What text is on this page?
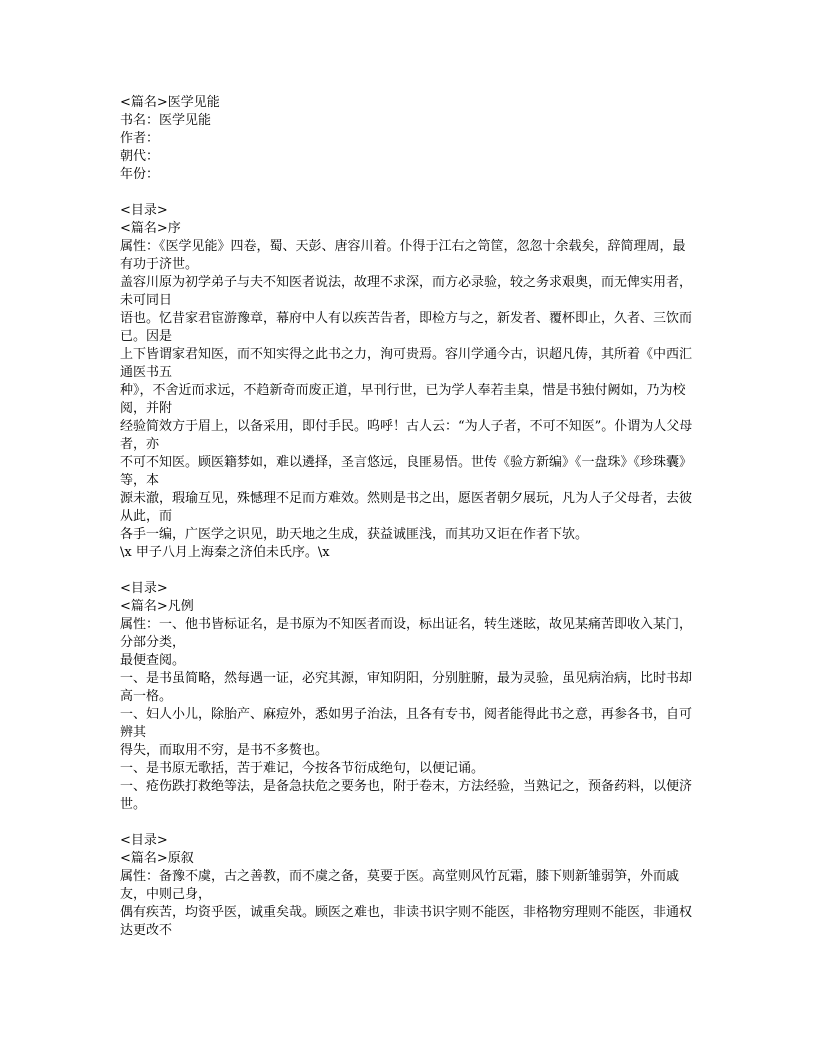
<篇名>医学见能

书名：医学见能

作者：

朝代：

年份：

<目录>

<篇名>序

属性：《医学见能》四卷，蜀、天彭、唐容川着。仆得于江右之笥筐，忽忽十余载矣，辞简理周，最有功于济世。

盖容川原为初学弟子与夫不知医者说法，故理不求深，而方必录验，较之务求艰奥，而无俾实用者，未可同日

语也。忆昔家君宦游豫章，幕府中人有以疾苦告者，即检方与之，新发者、覆杯即止，久者、三饮而已。因是

上下皆谓家君知医，而不知实得之此书之力，洵可贵焉。容川学通今古，识超凡俦，其所着《中西汇通医书五

种》，不舍近而求远，不趋新奇而废正道，早刊行世，已为学人奉若圭臬，惜是书独付阙如，乃为校阅，并附

经验简效方于眉上，以备采用，即付手民。呜呼！古人云：“为人子者，不可不知医”。仆谓为人父母者，亦

不可不知医。顾医籍棼如，难以遴择，圣言悠远，良匪易悟。世传《验方新编》《一盘珠》《珍珠囊》等，本

源未澈，瑕瑜互见，殊憾理不足而方难效。然则是书之出，愿医者朝夕展玩，凡为人子父母者，去彼从此，而

各手一编，广医学之识见，助天地之生成，获益诚匪浅，而其功又讵在作者下欤。

\x 甲子八月上海秦之济伯未氏序。\x

<目录>

<篇名>凡例

属性：一、他书皆标证名，是书原为不知医者而设，标出证名，转生迷眩，故见某痛苦即收入某门，分部分类，

最便查阅。

一、是书虽简略，然每遇一证，必究其源，审知阴阳，分别脏腑，最为灵验，虽见病治病，比时书却高一格。

一、妇人小儿，除胎产、麻痘外，悉如男子治法，且各有专书，阅者能得此书之意，再参各书，自可辨其

得失，而取用不穷，是书不多赘也。

一、是书原无歌括，苦于难记，今按各节衍成绝句，以便记诵。

一、疮伤跌打救绝等法，是备急扶危之要务也，附于卷末，方法经验，当熟记之，预备药料，以便济世。

<目录>

<篇名>原叙

属性：备豫不虞，古之善教，而不虞之备，莫要于医。高堂则风竹瓦霜，膝下则新雏弱笋，外而戚友，中则己身，

偶有疾苦，均资乎医，诚重矣哉。顾医之难也，非读书识字则不能医，非格物穷理则不能医，非通权达更改不
